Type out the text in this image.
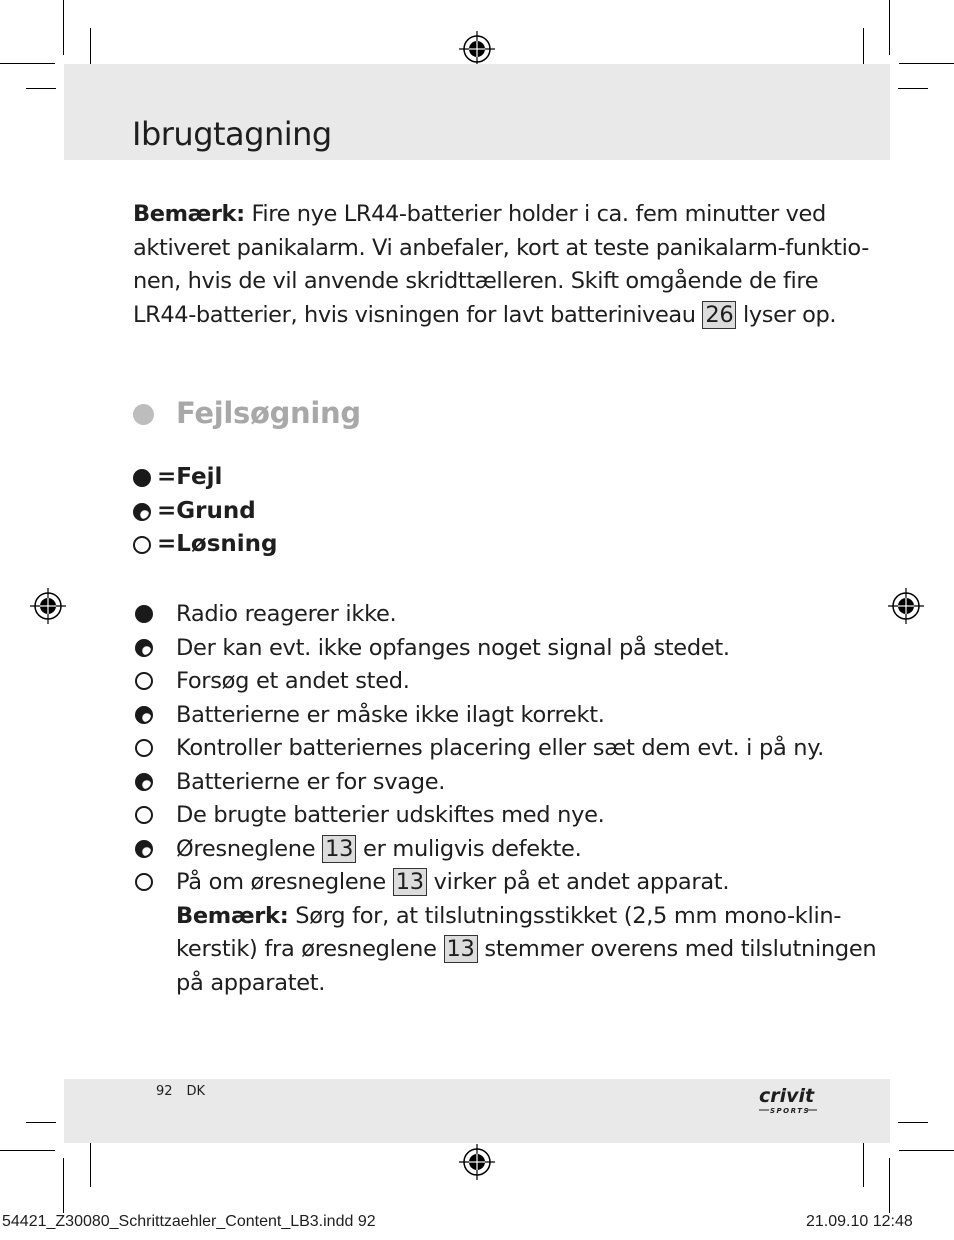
Ibrugtagning
Bemærk: Fire nye LR44-batterier holder i ca. fem minutter ved
aktiveret panikalarm. Vi anbefaler, kort at teste panikalarm-funktio-
nen, hvis de vil anvende skridttælleren. Skift omgående de fire
LR44-batterier, hvis visningen for lavt batteriniveau 26 lyser op.
Fejlsøgning
=Fejl
=Grund
=Løsning
Radio reagerer ikke.
Der kan evt. ikke opfanges noget signal på stedet.
Forsøg et andet sted.
Batterierne er måske ikke ilagt korrekt.
Kontroller batteriernes placering eller sæt dem evt. i på ny.
Batterierne er for svage.
De brugte batterier udskiftes med nye.
Øresneglene 13 er muligvis defekte.
På om øresneglene 13 virker på et andet apparat.
Bemærk: Sørg for, at tilslutningsstikket (2,5 mm mono-klin-
kerstik) fra øresneglene 13 stemmer overens med tilslutningen
på apparatet.
92 DK	crivit
SPORTS
54421_Z30080_Schrittzaehler_Content_LB3.indd 92	21.09.10 12:48
